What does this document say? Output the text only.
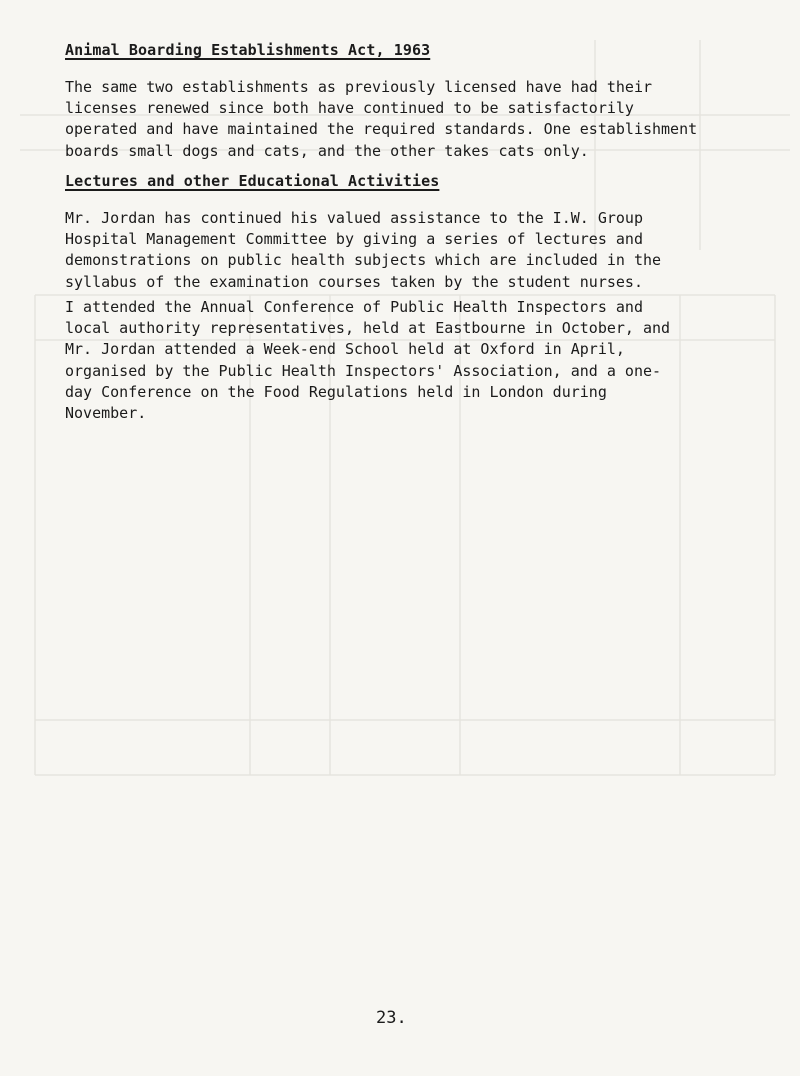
Animal Boarding Establishments Act, 1963

The same two establishments as previously licensed have had their
licenses renewed since both have continued to be satisfactorily
operated and have maintained the required standards. One establishment
boards small dogs and cats, and the other takes cats only.

Lectures and other Educational Activities

Mr. Jordan has continued his valued assistance to the I.W. Group
Hospital Management Committee by giving a series of lectures and
demonstrations on public health subjects which are included in the
syllabus of the examination courses taken by the student nurses.

I attended the Annual Conference of Public Health Inspectors and
local authority representatives, held at Eastbourne in October, and
Mr. Jordan attended a Week-end School held at Oxford in April,
organised by the Public Health Inspectors' Association, and a one-
day Conference on the Food Regulations held in London during
November.

23.
